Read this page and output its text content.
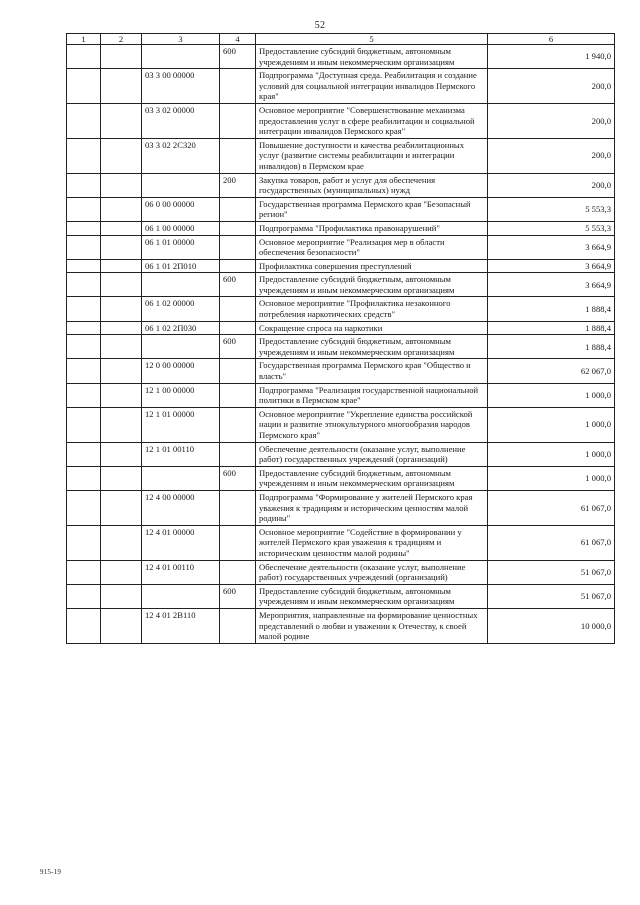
52
1	2	3	4	5	6
			600	Предоставление субсидий бюджетным, автономным учреждениям и иным некоммерческим организациям	1 940,0
		03 3 00 00000		Подпрограмма "Доступная среда. Реабилитация и создание условий для социальной интеграции инвалидов Пермского края"	200,0
		03 3 02 00000		Основное мероприятие "Совершенствование механизма предоставления услуг в сфере реабилитации и социальной интеграции инвалидов Пермского края"	200,0
		03 3 02 2C320		Повышение доступности и качества реабилитационных услуг (развитие системы реабилитации и интеграции инвалидов) в Пермском крае	200,0
			200	Закупка товаров, работ и услуг для обеспечения государственных (муниципальных) нужд	200,0
		06 0 00 00000		Государственная программа Пермского края "Безопасный регион"	5 553,3
		06 1 00 00000		Подпрограмма "Профилактика правонарушений"	5 553,3
		06 1 01 00000		Основное мероприятие "Реализация мер в области обеспечения безопасности"	3 664,9
		06 1 01 2П010		Профилактика совершения преступлений	3 664,9
			600	Предоставление субсидий бюджетным, автономным учреждениям и иным некоммерческим организациям	3 664,9
		06 1 02 00000		Основное мероприятие "Профилактика незаконного потребления наркотических средств"	1 888,4
		06 1 02 2П030		Сокращение спроса на наркотики	1 888,4
			600	Предоставление субсидий бюджетным, автономным учреждениям и иным некоммерческим организациям	1 888,4
		12 0 00 00000		Государственная программа Пермского края "Общество и власть"	62 067,0
		12 1 00 00000		Подпрограмма "Реализация государственной национальной политики в Пермском крае"	1 000,0
		12 1 01 00000		Основное мероприятие "Укрепление единства российской нации и развитие этнокультурного многообразия народов Пермского края"	1 000,0
		12 1 01 00110		Обеспечение деятельности (оказание услуг, выполнение работ) государственных учреждений (организаций)	1 000,0
			600	Предоставление субсидий бюджетным, автономным учреждениям и иным некоммерческим организациям	1 000,0
		12 4 00 00000		Подпрограмма "Формирование у жителей Пермского края уважения к традициям и историческим ценностям малой родины"	61 067,0
		12 4 01 00000		Основное мероприятие "Содействие в формировании у жителей Пермского края уважения к традициям и историческим ценностям малой родины"	61 067,0
		12 4 01 00110		Обеспечение деятельности (оказание услуг, выполнение работ) государственных учреждений (организаций)	51 067,0
			600	Предоставление субсидий бюджетным, автономным учреждениям и иным некоммерческим организациям	51 067,0
		12 4 01 2В110		Мероприятия, направленные на формирование ценностных представлений о любви и уважении к Отечеству, к своей малой родине	10 000,0
915-19
